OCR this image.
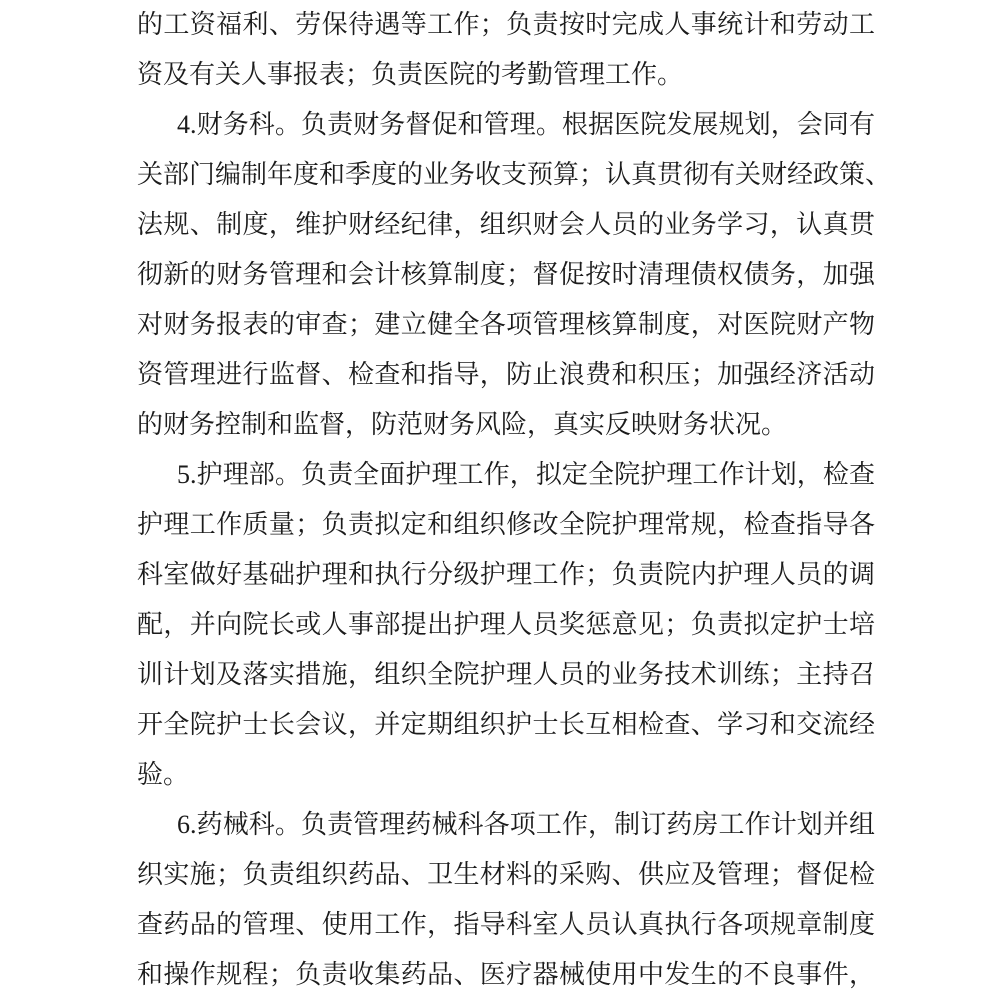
的工资福利、劳保待遇等工作；负责按时完成人事统计和劳动工
资及有关人事报表；负责医院的考勤管理工作。
4.财务科。负责财务督促和管理。根据医院发展规划，会同有
关部门编制年度和季度的业务收支预算；认真贯彻有关财经政策、
法规、制度，维护财经纪律，组织财会人员的业务学习，认真贯
彻新的财务管理和会计核算制度；督促按时清理债权债务，加强
对财务报表的审查；建立健全各项管理核算制度，对医院财产物
资管理进行监督、检查和指导，防止浪费和积压；加强经济活动
的财务控制和监督，防范财务风险，真实反映财务状况。
5.护理部。负责全面护理工作，拟定全院护理工作计划，检查
护理工作质量；负责拟定和组织修改全院护理常规，检查指导各
科室做好基础护理和执行分级护理工作；负责院内护理人员的调
配，并向院长或人事部提出护理人员奖惩意见；负责拟定护士培
训计划及落实措施，组织全院护理人员的业务技术训练；主持召
开全院护士长会议，并定期组织护士长互相检查、学习和交流经
验。
6.药械科。负责管理药械科各项工作，制订药房工作计划并组
织实施；负责组织药品、卫生材料的采购、供应及管理；督促检
查药品的管理、使用工作，指导科室人员认真执行各项规章制度
和操作规程；负责收集药品、医疗器械使用中发生的不良事件，
